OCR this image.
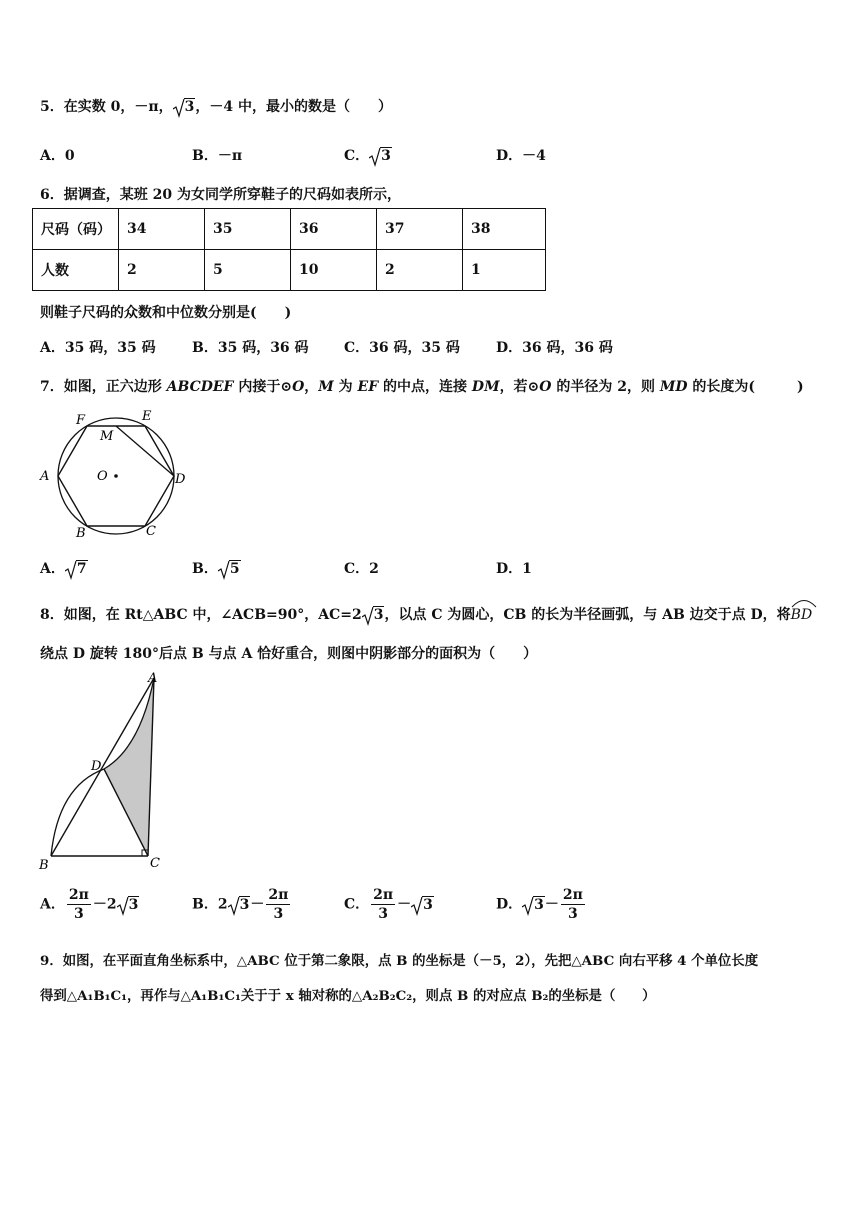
5．在实数 0，－π， 3，－4 中，最小的数是（　　）
A．0	B．－π	C． 3	D．－4
6．据调查，某班 20 为女同学所穿鞋子的尺码如表所示，
尺码（码）	34	35	36	37	38
人数	2	5	10	2	1
则鞋子尺码的众数和中位数分别是(　　)
A．35 码，35 码	B．35 码，36 码	C．36 码，35 码	D．36 码，36 码
7．如图，正六边形 ABCDEF 内接于⊙O，M 为 EF 的中点，连接 DM，若⊙O 的半径为 2，则 MD 的长度为(　　　)
F	E
M
A	O	D
B	C
A． 7	B． 5	C．2	D．1
8．如图，在 Rt△ABC 中，∠ACB=90°，AC=2 3，以点 C 为圆心，CB 的长为半径画弧，与 AB 边交于点 D，将
BD
绕点 D 旋转 180°后点 B 与点 A 恰好重合，则图中阴影部分的面积为（　　）
A
D
B	C
A． $\frac{2\pi}{3} -2$ 3	B．2 $3- \frac{2\pi}{3}$	C． $\frac{2\pi}{3} - 3$	D． $3- \frac{2\pi}{3}$
9．如图，在平面直角坐标系中，△ABC 位于第二象限，点 B 的坐标是（－5，2），先把△ABC 向右平移 4 个单位长度
得到△A₁B₁C₁，再作与△A₁B₁C₁关于于 x 轴对称的△A₂B₂C₂，则点 B 的对应点 B₂的坐标是（　　）
